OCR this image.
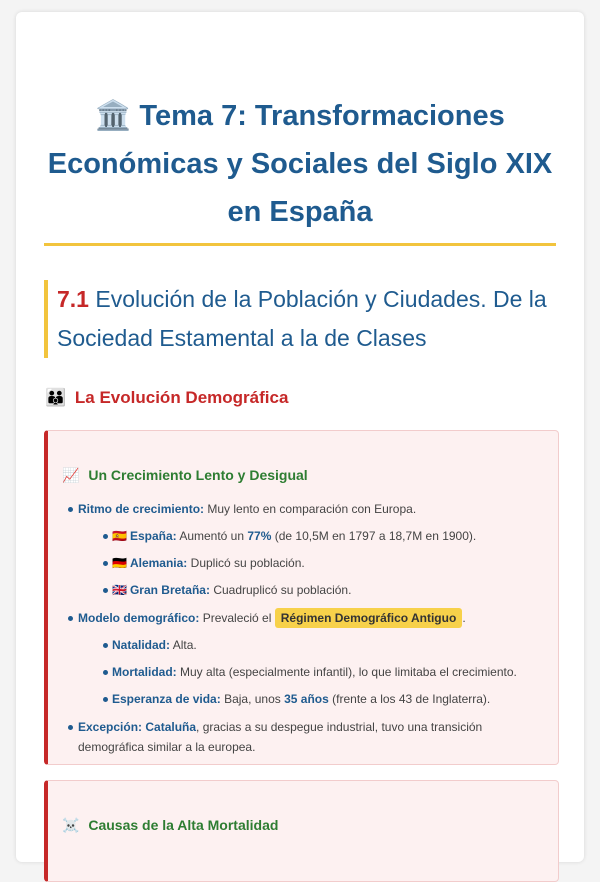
🏛️ Tema 7: Transformaciones Económicas y Sociales del Siglo XIX en España
7.1 Evolución de la Población y Ciudades. De la Sociedad Estamental a la de Clases
👪 La Evolución Demográfica
📈 Un Crecimiento Lento y Desigual
Ritmo de crecimiento: Muy lento en comparación con Europa.
🇪🇸 España: Aumentó un 77% (de 10,5M en 1797 a 18,7M en 1900).
🇩🇪 Alemania: Duplicó su población.
🇬🇧 Gran Bretaña: Cuadruplicó su población.
Modelo demográfico: Prevaleció el Régimen Demográfico Antiguo .
Natalidad: Alta.
Mortalidad: Muy alta (especialmente infantil), lo que limitaba el crecimiento.
Esperanza de vida: Baja, unos 35 años (frente a los 43 de Inglaterra).
Excepción: Cataluña, gracias a su despegue industrial, tuvo una transición demográfica similar a la europea.
☠️ Causas de la Alta Mortalidad
